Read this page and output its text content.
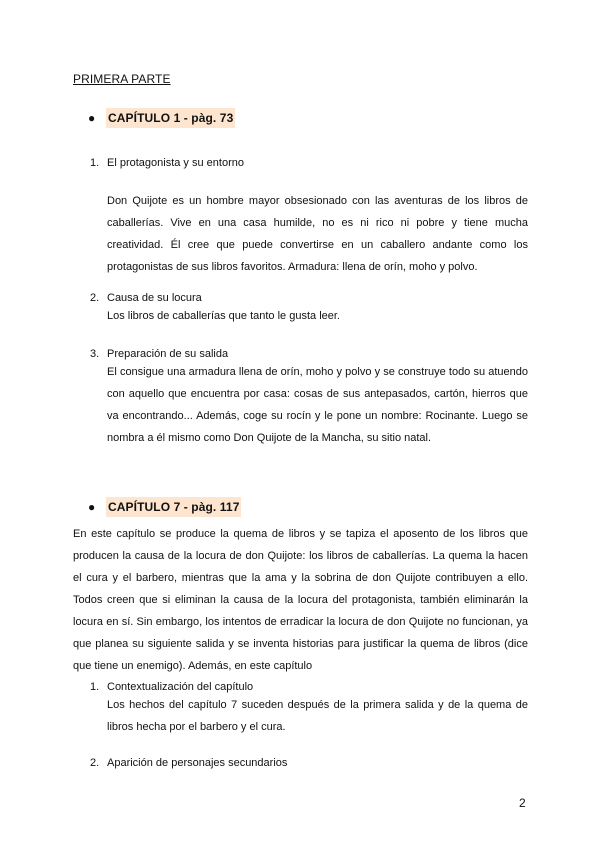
PRIMERA PARTE
●	CAPÍTULO 1 - pàg. 73
1. El protagonista y su entorno
Don Quijote es un hombre mayor obsesionado con las aventuras de los libros de caballerías. Vive en una casa humilde, no es ni rico ni pobre y tiene mucha creatividad. Él cree que puede convertirse en un caballero andante como los protagonistas de sus libros favoritos. Armadura: llena de orín, moho y polvo.
2. Causa de su locura
Los libros de caballerías que tanto le gusta leer.
3. Preparación de su salida
El consigue una armadura llena de orín, moho y polvo y se construye todo su atuendo con aquello que encuentra por casa: cosas de sus antepasados, cartón, hierros que va encontrando... Además, coge su rocín y le pone un nombre: Rocinante. Luego se nombra a él mismo como Don Quijote de la Mancha, su sitio natal.
●	CAPÍTULO 7 - pàg. 117
En este capítulo se produce la quema de libros y se tapiza el aposento de los libros que producen la causa de la locura de don Quijote: los libros de caballerías. La quema la hacen el cura y el barbero, mientras que la ama y la sobrina de don Quijote contribuyen a ello. Todos creen que si eliminan la causa de la locura del protagonista, también eliminarán la locura en sí. Sin embargo, los intentos de erradicar la locura de don Quijote no funcionan, ya que planea su siguiente salida y se inventa historias para justificar la quema de libros (dice que tiene un enemigo). Además, en este capítulo
1. Contextualización del capítulo
Los hechos del capítulo 7 suceden después de la primera salida y de la quema de libros hecha por el barbero y el cura.
2. Aparición de personajes secundarios
2
